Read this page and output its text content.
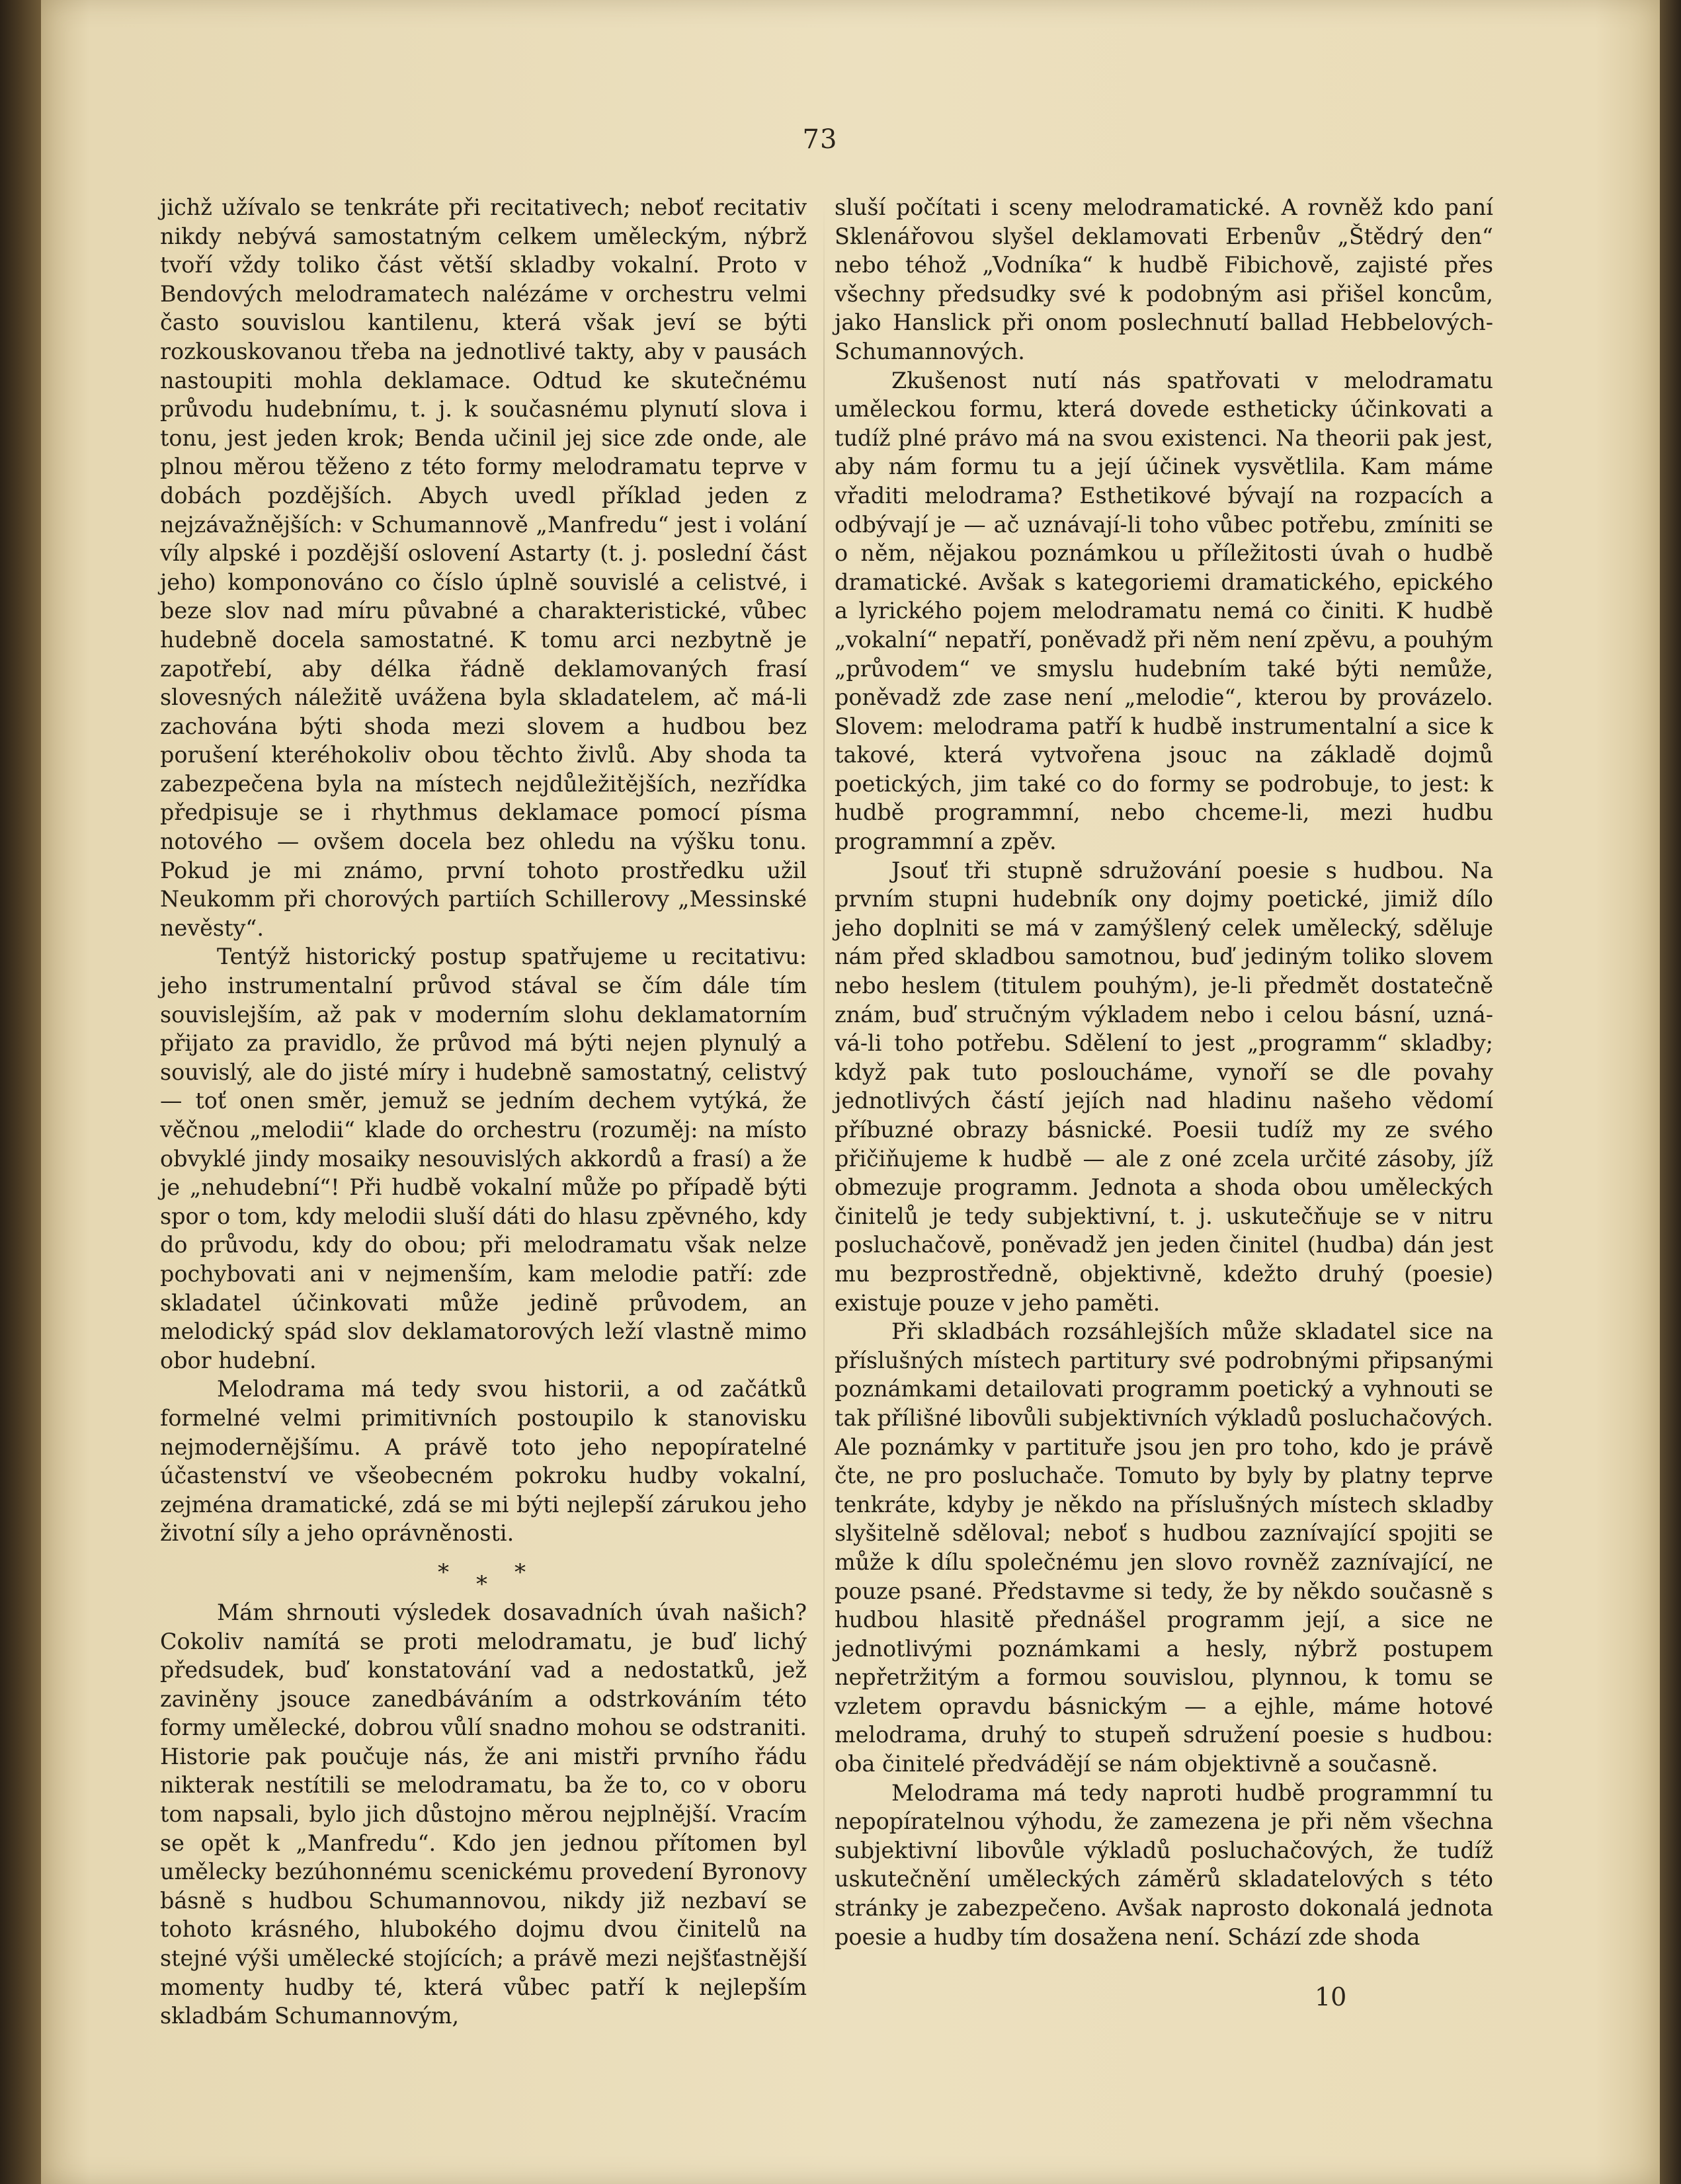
73

jichž užívalo se tenkráte při recitativech; neboť recitativ nikdy nebývá samostatným celkem uměleckým, nýbrž tvoří vždy toliko část větší skladby vokalní. Proto v Bendových melodramatech nalézáme v orchestru velmi často souvislou kantilenu, která však jeví se býti rozkouskovanou třeba na jednotlivé takty, aby v pausách nastoupiti mohla deklamace. Odtud ke skutečnému průvodu hudebnímu, t. j. k současnému plynutí slova i tonu, jest jeden krok; Benda učinil jej sice zde onde, ale plnou měrou těženo z této formy melodramatu teprve v dobách pozdějších. Abych uvedl příklad jeden z nejzávažnějších: v Schumannově „Manfredu“ jest i volání víly alpské i pozdější oslovení Astarty (t. j. poslední část jeho) komponováno co číslo úplně souvislé a celistvé, i beze slov nad míru půvabné a charakteristické, vůbec hudebně docela samostatné. K tomu arci nezbytně je zapotřebí, aby délka řádně deklamovaných frasí slovesných náležitě uvážena byla skladatelem, ač má-li zachována býti shoda mezi slovem a hudbou bez porušení kteréhokoliv obou těchto živlů. Aby shoda ta zabezpečena byla na místech nejdůležitějších, nezřídka předpisuje se i rhythmus deklamace pomocí písma notového — ovšem docela bez ohledu na výšku tonu. Pokud je mi známo, první tohoto prostředku užil Neukomm při chorových partiích Schillerovy „Messinské nevěsty“.

Tentýž historický postup spatřujeme u recitativu: jeho instrumentalní průvod stával se čím dále tím souvislejším, až pak v moderním slohu deklamatorním přijato za pravidlo, že průvod má býti nejen plynulý a souvislý, ale do jisté míry i hudebně samostatný, celistvý — toť onen směr, jemuž se jedním dechem vytýká, že věčnou „melodii“ klade do orchestru (rozuměj: na místo obvyklé jindy mosaiky nesouvislých akkordů a frasí) a že je „nehudební“! Při hudbě vokalní může po případě býti spor o tom, kdy melodii sluší dáti do hlasu zpěvného, kdy do průvodu, kdy do obou; při melodramatu však nelze pochybovati ani v nejmenším, kam melodie patří: zde skladatel účinkovati může jedině průvodem, an melodický spád slov deklamatorových leží vlastně mimo obor hudební.

Melodrama má tedy svou historii, a od začátků formelné velmi primitivních postoupilo k stanovisku nejmodernějšímu. A právě toto jeho nepopíratelné účastenství ve všeobecném pokroku hudby vokalní, zejména dramatické, zdá se mi býti nejlepší zárukou jeho životní síly a jeho oprávněnosti.

* * *

Mám shrnouti výsledek dosavadních úvah našich? Cokoliv namítá se proti melodramatu, je buď lichý předsudek, buď konstatování vad a nedostatků, jež zaviněny jsouce zanedbáváním a odstrkováním této formy umělecké, dobrou vůlí snadno mohou se odstraniti. Historie pak poučuje nás, že ani mistři prvního řádu nikterak nestítili se melodramatu, ba že to, co v oboru tom napsali, bylo jich důstojno měrou nejplnější. Vracím se opět k „Manfredu“. Kdo jen jednou přítomen byl umělecky bezúhonnému scenickému provedení Byronovy básně s hudbou Schumannovou, nikdy již nezbaví se tohoto krásného, hlubokého dojmu dvou činitelů na stejné výši umělecké stojících; a právě mezi nejšťastnější momenty hudby té, která vůbec patří k nejlepším skladbám Schumannovým,

sluší počítati i sceny melodramatické. A rovněž kdo paní Sklenářovou slyšel deklamovati Erbenův „Štědrý den“ nebo téhož „Vodníka“ k hudbě Fibichově, zajisté přes všechny předsudky své k podobným asi přišel koncům, jako Hanslick při onom poslechnutí ballad Hebbelových-Schumannových.

Zkušenost nutí nás spatřovati v melodramatu uměleckou formu, která dovede estheticky účinkovati a tudíž plné právo má na svou existenci. Na theorii pak jest, aby nám formu tu a její účinek vysvětlila. Kam máme vřaditi melodrama? Esthetikové bývají na rozpacích a odbývají je — ač uznávají-li toho vůbec potřebu, zmíniti se o něm, nějakou poznámkou u příležitosti úvah o hudbě dramatické. Avšak s kategoriemi dramatického, epického a lyrického pojem melodramatu nemá co činiti. K hudbě „vokalní“ nepatří, poněvadž při něm není zpěvu, a pouhým „průvodem“ ve smyslu hudebním také býti nemůže, poněvadž zde zase není „melodie“, kterou by provázelo. Slovem: melodrama patří k hudbě instrumentalní a sice k takové, která vytvořena jsouc na základě dojmů poetických, jim také co do formy se podrobuje, to jest: k hudbě programmní, nebo chceme-li, mezi hudbu programmní a zpěv.

Jsouť tři stupně sdružování poesie s hudbou. Na prvním stupni hudebník ony dojmy poetické, jimiž dílo jeho doplniti se má v zamýšlený celek umělecký, sděluje nám před skladbou samotnou, buď jediným toliko slovem nebo heslem (titulem pouhým), je-li předmět dostatečně znám, buď stručným výkladem nebo i celou básní, uzná-vá-li toho potřebu. Sdělení to jest „programm“ skladby; když pak tuto posloucháme, vynoří se dle povahy jednotlivých částí jejích nad hladinu našeho vědomí příbuzné obrazy básnické. Poesii tudíž my ze svého přičiňujeme k hudbě — ale z oné zcela určité zásoby, jíž obmezuje programm. Jednota a shoda obou uměleckých činitelů je tedy subjektivní, t. j. uskutečňuje se v nitru posluchačově, poněvadž jen jeden činitel (hudba) dán jest mu bezprostředně, objektivně, kdežto druhý (poesie) existuje pouze v jeho paměti.

Při skladbách rozsáhlejších může skladatel sice na příslušných místech partitury své podrobnými připsanými poznámkami detailovati programm poetický a vyhnouti se tak přílišné libovůli subjektivních výkladů posluchačových. Ale poznámky v partituře jsou jen pro toho, kdo je právě čte, ne pro posluchače. Tomuto by byly by platny teprve tenkráte, kdyby je někdo na příslušných místech skladby slyšitelně sděloval; neboť s hudbou zaznívající spojiti se může k dílu společnému jen slovo rovněž zaznívající, ne pouze psané. Představme si tedy, že by někdo současně s hudbou hlasitě přednášel programm její, a sice ne jednotlivými poznámkami a hesly, nýbrž postupem nepřetržitým a formou souvislou, plynnou, k tomu se vzletem opravdu básnickým — a ejhle, máme hotové melodrama, druhý to stupeň sdružení poesie s hudbou: oba činitelé předvádějí se nám objektivně a současně.

Melodrama má tedy naproti hudbě programmní tu nepopíratelnou výhodu, že zamezena je při něm všechna subjektivní libovůle výkladů posluchačových, že tudíž uskutečnění uměleckých záměrů skladatelových s této stránky je zabezpečeno. Avšak naprosto dokonalá jednota poesie a hudby tím dosažena není. Schází zde shoda

10
